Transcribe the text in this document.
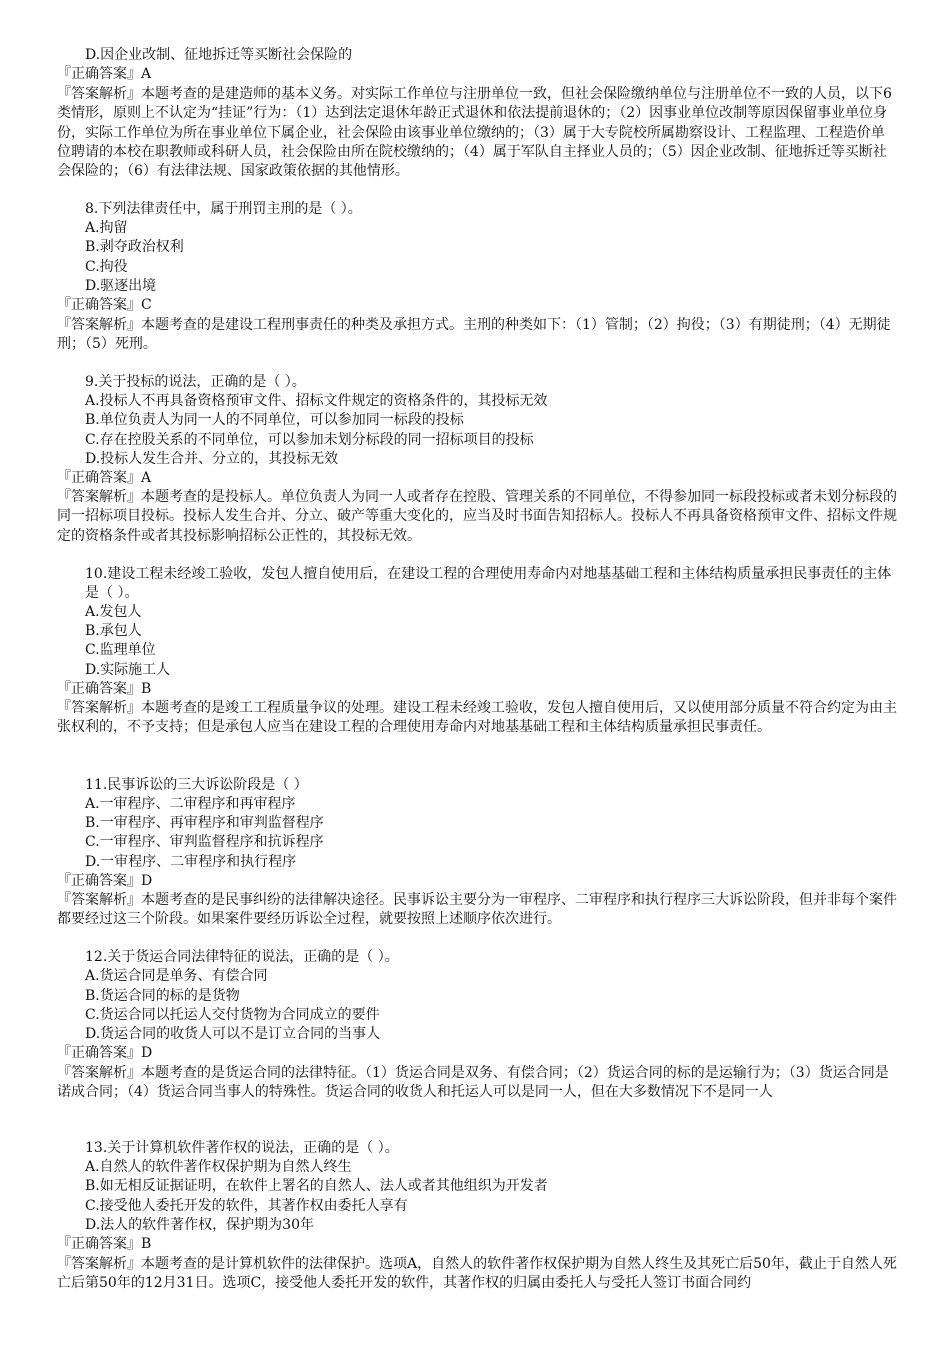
D.因企业改制、征地拆迁等买断社会保险的
『正确答案』A
『答案解析』本题考查的是建造师的基本义务。对实际工作单位与注册单位一致，但社会保险缴纳单位与注册单位不一致的人员，以下6类情形，原则上不认定为“挂证”行为：（1）达到法定退休年龄正式退休和依法提前退休的；（2）因事业单位改制等原因保留事业单位身份，实际工作单位为所在事业单位下属企业，社会保险由该事业单位缴纳的；（3）属于大专院校所属勘察设计、工程监理、工程造价单位聘请的本校在职教师或科研人员，社会保险由所在院校缴纳的；（4）属于军队自主择业人员的；（5）因企业改制、征地拆迁等买断社会保险的；（6）有法律法规、国家政策依据的其他情形。
8.下列法律责任中，属于刑罚主刑的是（ ）。
A.拘留
B.剥夺政治权利
C.拘役
D.驱逐出境
『正确答案』C
『答案解析』本题考查的是建设工程刑事责任的种类及承担方式。主刑的种类如下：（1）管制；（2）拘役；（3）有期徒刑；（4）无期徒刑；（5）死刑。
9.关于投标的说法，正确的是（ ）。
A.投标人不再具备资格预审文件、招标文件规定的资格条件的，其投标无效
B.单位负责人为同一人的不同单位，可以参加同一标段的投标
C.存在控股关系的不同单位，可以参加未划分标段的同一招标项目的投标
D.投标人发生合并、分立的，其投标无效
『正确答案』A
『答案解析』本题考查的是投标人。单位负责人为同一人或者存在控股、管理关系的不同单位，不得参加同一标段投标或者未划分标段的同一招标项目投标。投标人发生合并、分立、破产等重大变化的，应当及时书面告知招标人。投标人不再具备资格预审文件、招标文件规定的资格条件或者其投标影响招标公正性的，其投标无效。
10.建设工程未经竣工验收，发包人擅自使用后，在建设工程的合理使用寿命内对地基基础工程和主体结构质量承担民事责任的主体是（ ）。
A.发包人
B.承包人
C.监理单位
D.实际施工人
『正确答案』B
『答案解析』本题考查的是竣工工程质量争议的处理。建设工程未经竣工验收，发包人擅自使用后，又以使用部分质量不符合约定为由主张权利的，不予支持；但是承包人应当在建设工程的合理使用寿命内对地基基础工程和主体结构质量承担民事责任。
11.民事诉讼的三大诉讼阶段是（ ）
A.一审程序、二审程序和再审程序
B.一审程序、再审程序和审判监督程序
C.一审程序、审判监督程序和抗诉程序
D.一审程序、二审程序和执行程序
『正确答案』D
『答案解析』本题考查的是民事纠纷的法律解决途径。民事诉讼主要分为一审程序、二审程序和执行程序三大诉讼阶段，但并非每个案件都要经过这三个阶段。如果案件要经历诉讼全过程，就要按照上述顺序依次进行。
12.关于货运合同法律特征的说法，正确的是（ ）。
A.货运合同是单务、有偿合同
B.货运合同的标的是货物
C.货运合同以托运人交付货物为合同成立的要件
D.货运合同的收货人可以不是订立合同的当事人
『正确答案』D
『答案解析』本题考查的是货运合同的法律特征。（1）货运合同是双务、有偿合同；（2）货运合同的标的是运输行为；（3）货运合同是诺成合同；（4）货运合同当事人的特殊性。货运合同的收货人和托运人可以是同一人，但在大多数情况下不是同一人
13.关于计算机软件著作权的说法，正确的是（ ）。
A.自然人的软件著作权保护期为自然人终生
B.如无相反证据证明，在软件上署名的自然人、法人或者其他组织为开发者
C.接受他人委托开发的软件，其著作权由委托人享有
D.法人的软件著作权，保护期为30年
『正确答案』B
『答案解析』本题考查的是计算机软件的法律保护。选项A，自然人的软件著作权保护期为自然人终生及其死亡后50年，截止于自然人死亡后第50年的12月31日。选项C，接受他人委托开发的软件，其著作权的归属由委托人与受托人签订书面合同约
